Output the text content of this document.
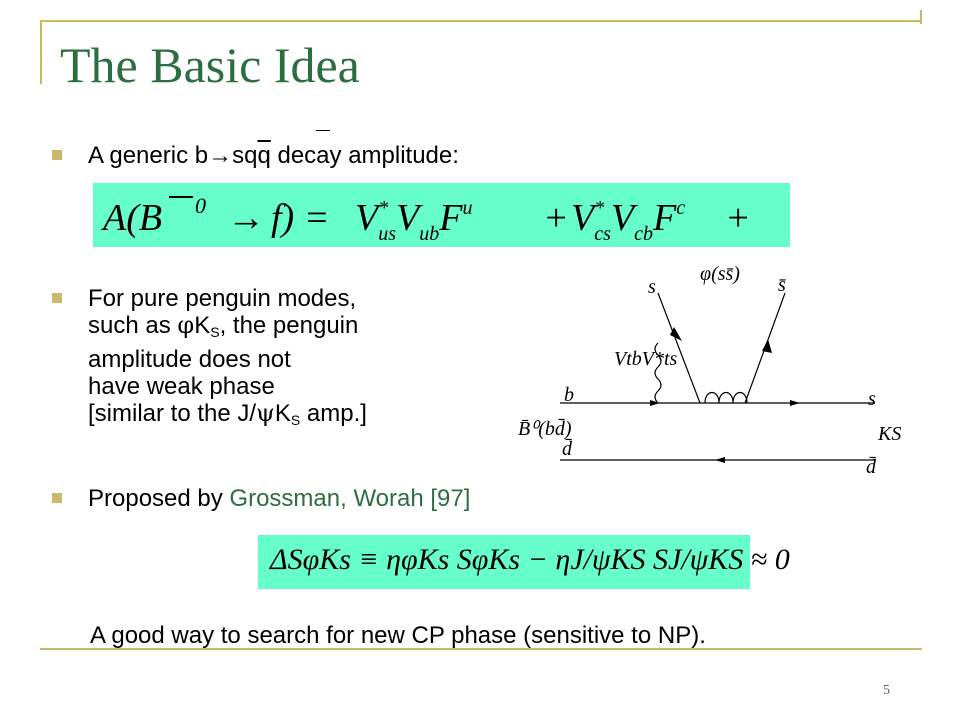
The Basic Idea
A generic $b\to sq\overline{q}$ decay amplitude:
A(B 0 → f) = V* $usV_{ub}F^u + V^*$ $csV_{cb}F^c$ +
For pure penguin modes,
such as $\varphi K_S$, the penguin
amplitude does not
have weak phase
[similar to the $J/\psi K_S$ amp.]
s
φ(ss̄) s̄
VtbV*ts
b
B̄⁰(bd̄)
d̄
s
KS
d̄
Proposed by Grossman, Worah [97]
ΔSφKs ≡ ηφKs SφKs − ηJ/ψKS SJ/ψKS ≈ 0
A good way to search for new CP phase (sensitive to NP).
5
